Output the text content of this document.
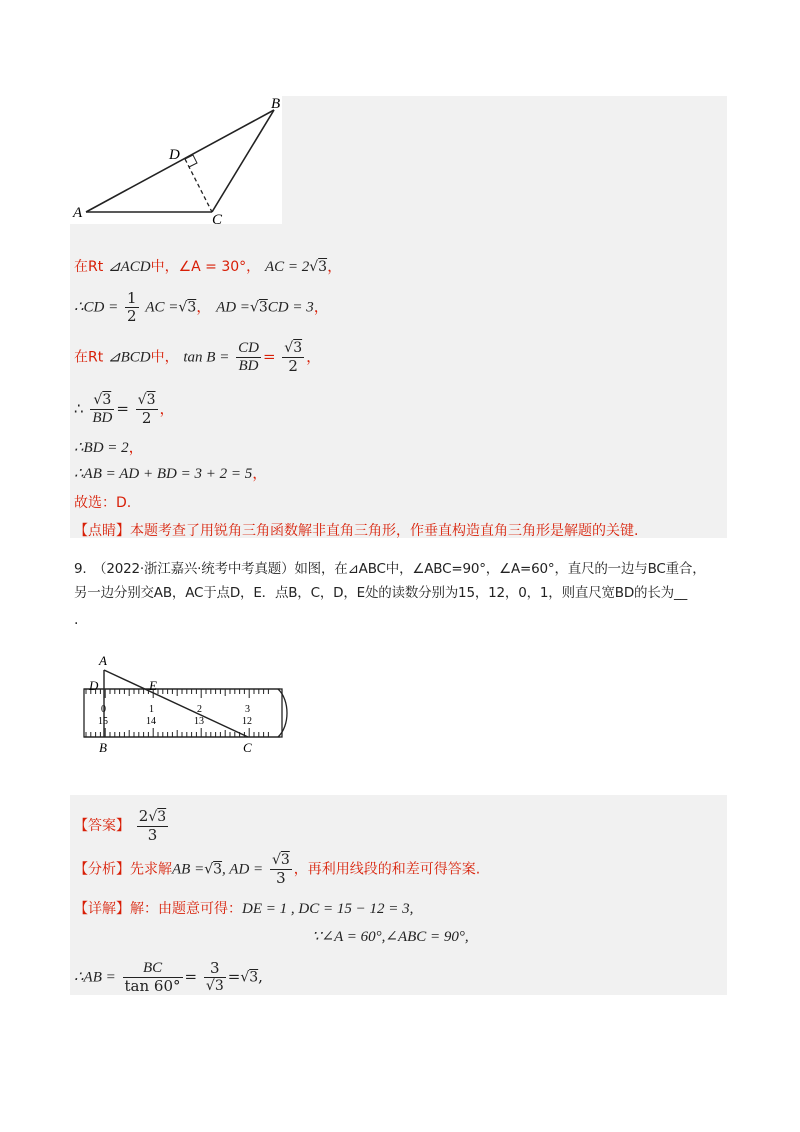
A
B
C
D
在Rt ⊿ACD中，∠A = 30°， AC = 2√3，
∴CD = $\frac{1}{2}$ AC =√3， AD =√3CD = 3，
在Rt ⊿BCD中， $\tan B = \frac{CD}{BD} = \frac{√3}{2}$ ，
∴ $\frac{√3}{BD} = \frac{√3}{2}$ ，
∴BD = 2，
∴AB = AD + BD = 3 + 2 = 5，
故选：D.
【点睛】本题考查了用锐角三角函数解非直角三角形，作垂直构造直角三角形是解题的关键.
9.　（2022·浙江嘉兴·统考中考真题）如图，在⊿ABC中，∠ABC=90°，∠A=60°，直尺的一边与BC重合，
另一边分别交AB，AC于点D，E．点B，C，D，E处的读数分别为15，12，0，1，则直尺宽BD的长为__
.
A
D	E
B	C
0	1	2	3
15	14	13	12
【答案】 $\frac{2√3}{3}$
【分析】先求解AB =√3, AD = $\frac{√3}{3}$ ，再利用线段的和差可得答案.
【详解】解：由题意可得：DE = 1 , DC = 15 − 12 = 3,
∵∠A = 60°,∠ABC = 90°,
∴AB = $\frac{BC}{\tan 60^\circ} = \frac{3}{√3} =√3$,
